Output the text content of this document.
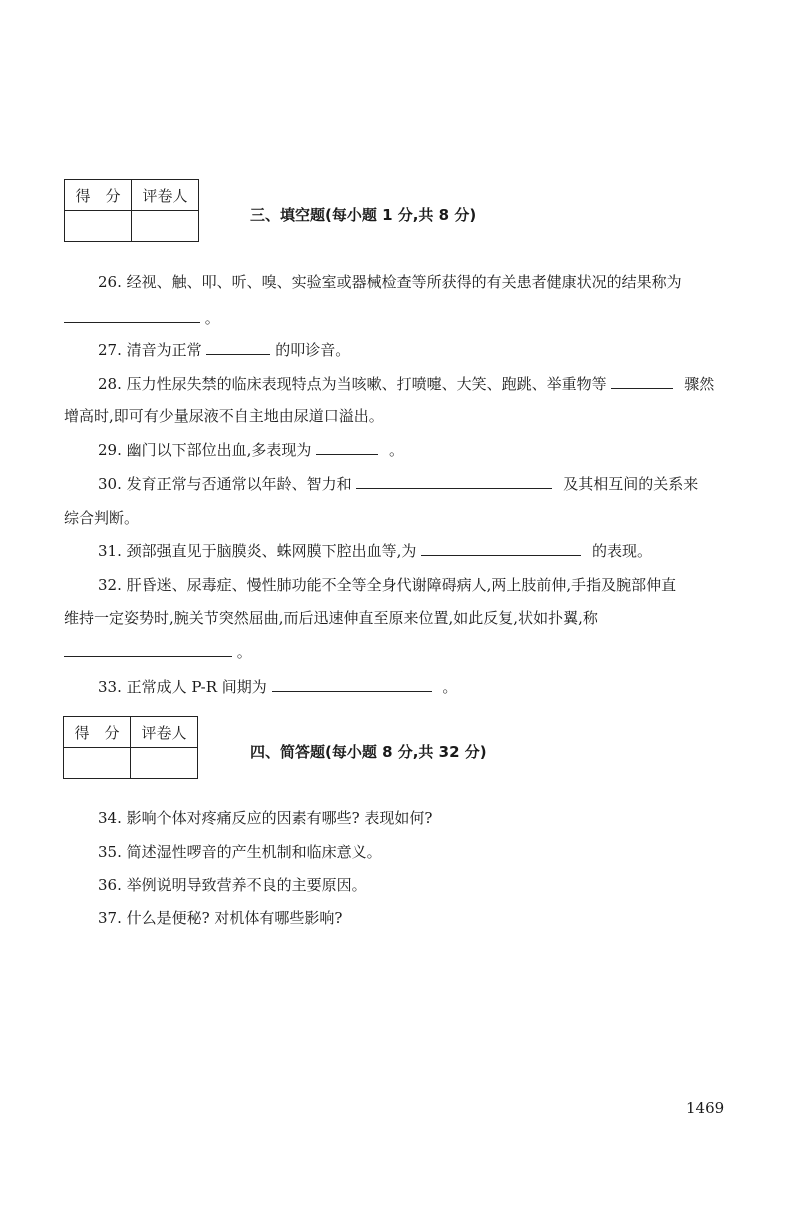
得　分	评卷人

三、填空题(每小题 1 分,共 8 分)
26. 经视、触、叩、听、嗅、实验室或器械检查等所获得的有关患者健康状况的结果称为
。
27. 清音为正常	的叩诊音。
28. 压力性尿失禁的临床表现特点为当咳嗽、打喷嚏、大笑、跑跳、举重物等	骤然
增高时,即可有少量尿液不自主地由尿道口溢出。
29. 幽门以下部位出血,多表现为	。
30. 发育正常与否通常以年龄、智力和	及其相互间的关系来
综合判断。
31. 颈部强直见于脑膜炎、蛛网膜下腔出血等,为	的表现。
32. 肝昏迷、尿毒症、慢性肺功能不全等全身代谢障碍病人,两上肢前伸,手指及腕部伸直
维持一定姿势时,腕关节突然屈曲,而后迅速伸直至原来位置,如此反复,状如扑翼,称
。
33. 正常成人 P-R 间期为	。
得　分	评卷人

四、简答题(每小题 8 分,共 32 分)
34. 影响个体对疼痛反应的因素有哪些? 表现如何?
35. 简述湿性啰音的产生机制和临床意义。
36. 举例说明导致营养不良的主要原因。
37. 什么是便秘? 对机体有哪些影响?
1469
